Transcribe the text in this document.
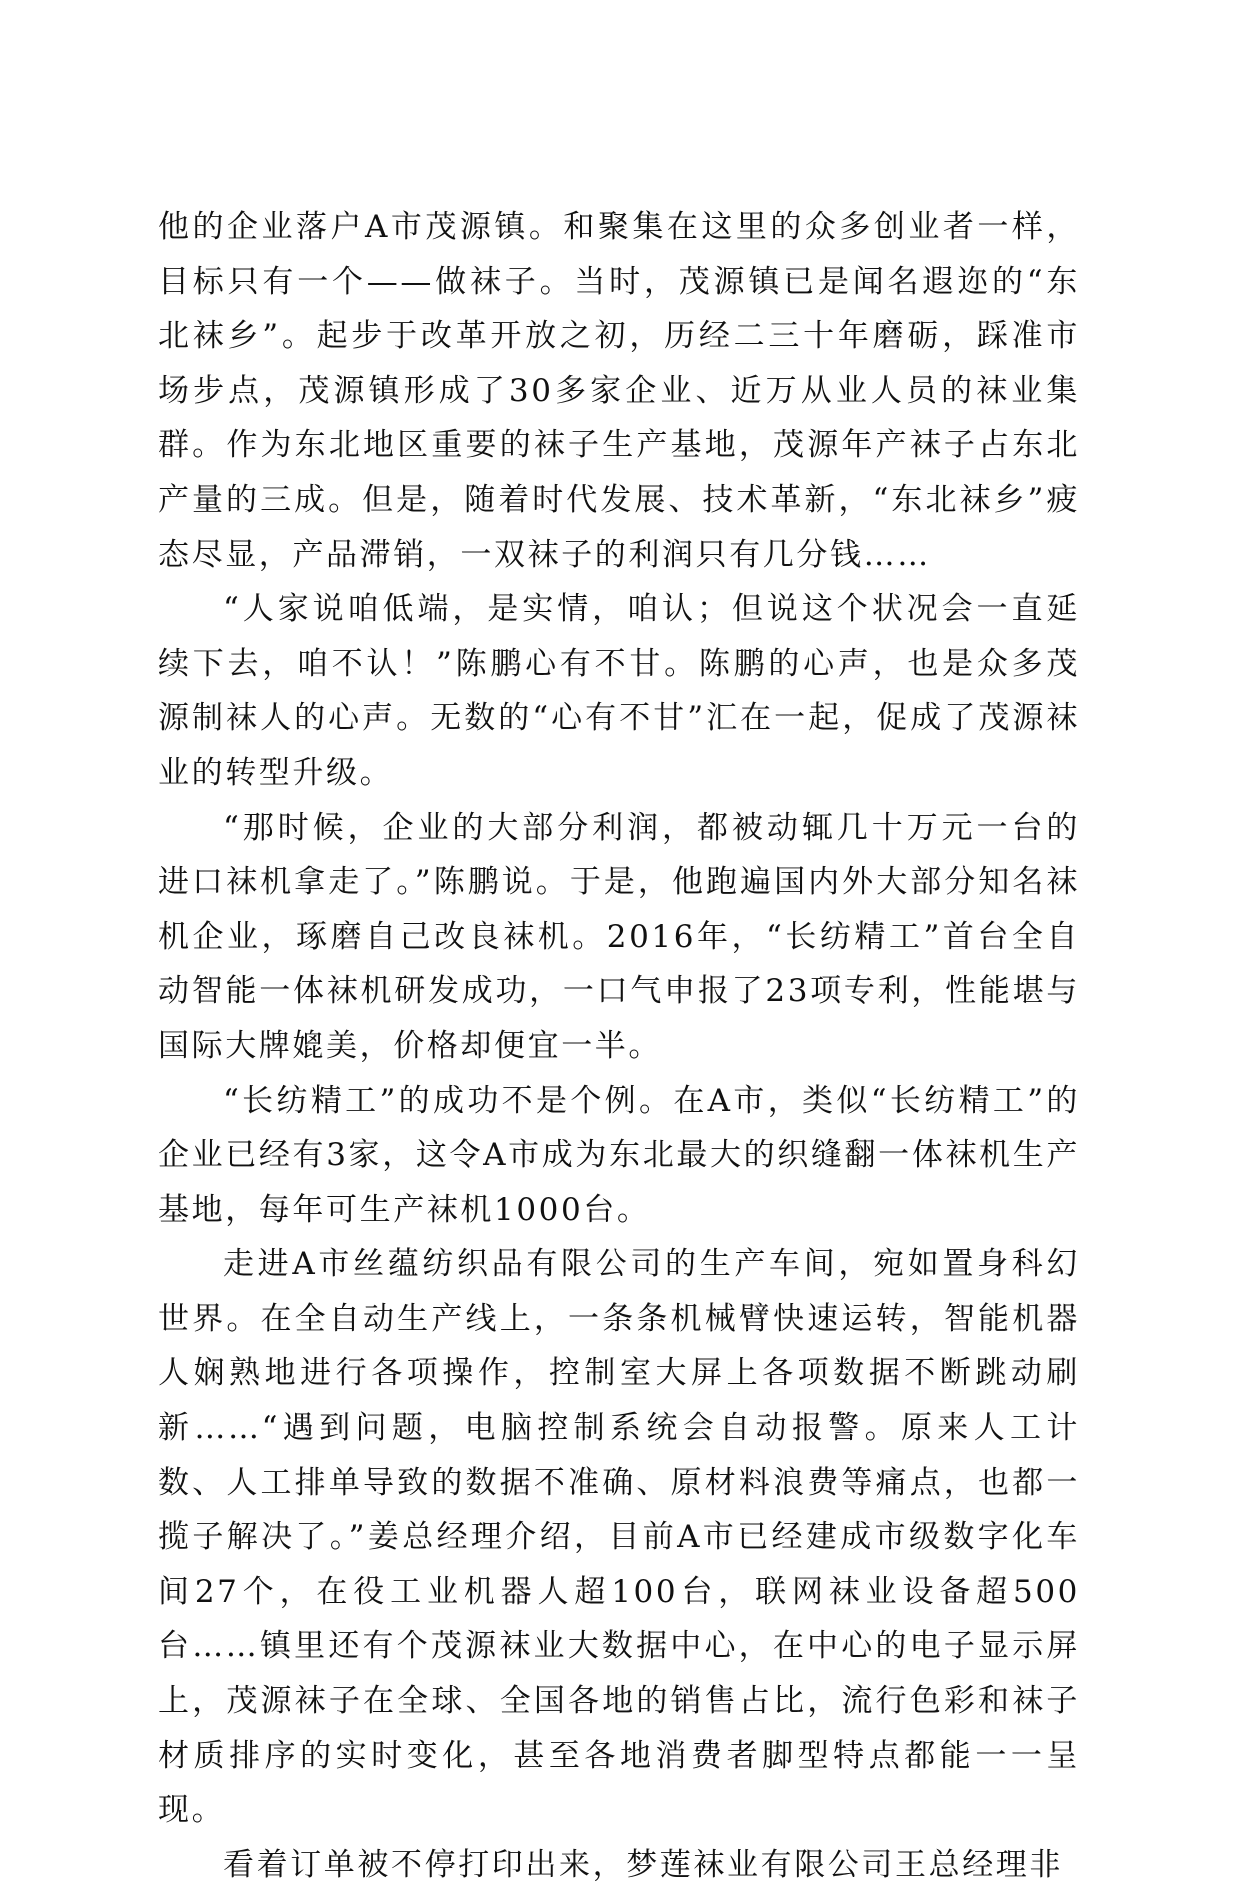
他的企业落户A市茂源镇。和聚集在这里的众多创业者一样，目标只有一个——做袜子。当时，茂源镇已是闻名遐迩的“东北袜乡”。起步于改革开放之初，历经二三十年磨砺，踩准市场步点，茂源镇形成了30多家企业、近万从业人员的袜业集群。作为东北地区重要的袜子生产基地，茂源年产袜子占东北产量的三成。但是，随着时代发展、技术革新，“东北袜乡”疲态尽显，产品滞销，一双袜子的利润只有几分钱……

“人家说咱低端，是实情，咱认；但说这个状况会一直延续下去，咱不认！”陈鹏心有不甘。陈鹏的心声，也是众多茂源制袜人的心声。无数的“心有不甘”汇在一起，促成了茂源袜业的转型升级。

“那时候，企业的大部分利润，都被动辄几十万元一台的进口袜机拿走了。”陈鹏说。于是，他跑遍国内外大部分知名袜机企业，琢磨自己改良袜机。2016年，“长纺精工”首台全自动智能一体袜机研发成功，一口气申报了23项专利，性能堪与国际大牌媲美，价格却便宜一半。

“长纺精工”的成功不是个例。在A市，类似“长纺精工”的企业已经有3家，这令A市成为东北最大的织缝翻一体袜机生产基地，每年可生产袜机1000台。

走进A市丝蕴纺织品有限公司的生产车间，宛如置身科幻世界。在全自动生产线上，一条条机械臂快速运转，智能机器人娴熟地进行各项操作，控制室大屏上各项数据不断跳动刷新……“遇到问题，电脑控制系统会自动报警。原来人工计数、人工排单导致的数据不准确、原材料浪费等痛点，也都一揽子解决了。”姜总经理介绍，目前A市已经建成市级数字化车间27个，在役工业机器人超100台，联网袜业设备超500台……镇里还有个茂源袜业大数据中心，在中心的电子显示屏上，茂源袜子在全球、全国各地的销售占比，流行色彩和袜子材质排序的实时变化，甚至各地消费者脚型特点都能一一呈现。

看着订单被不停打印出来，梦莲袜业有限公司王总经理非
